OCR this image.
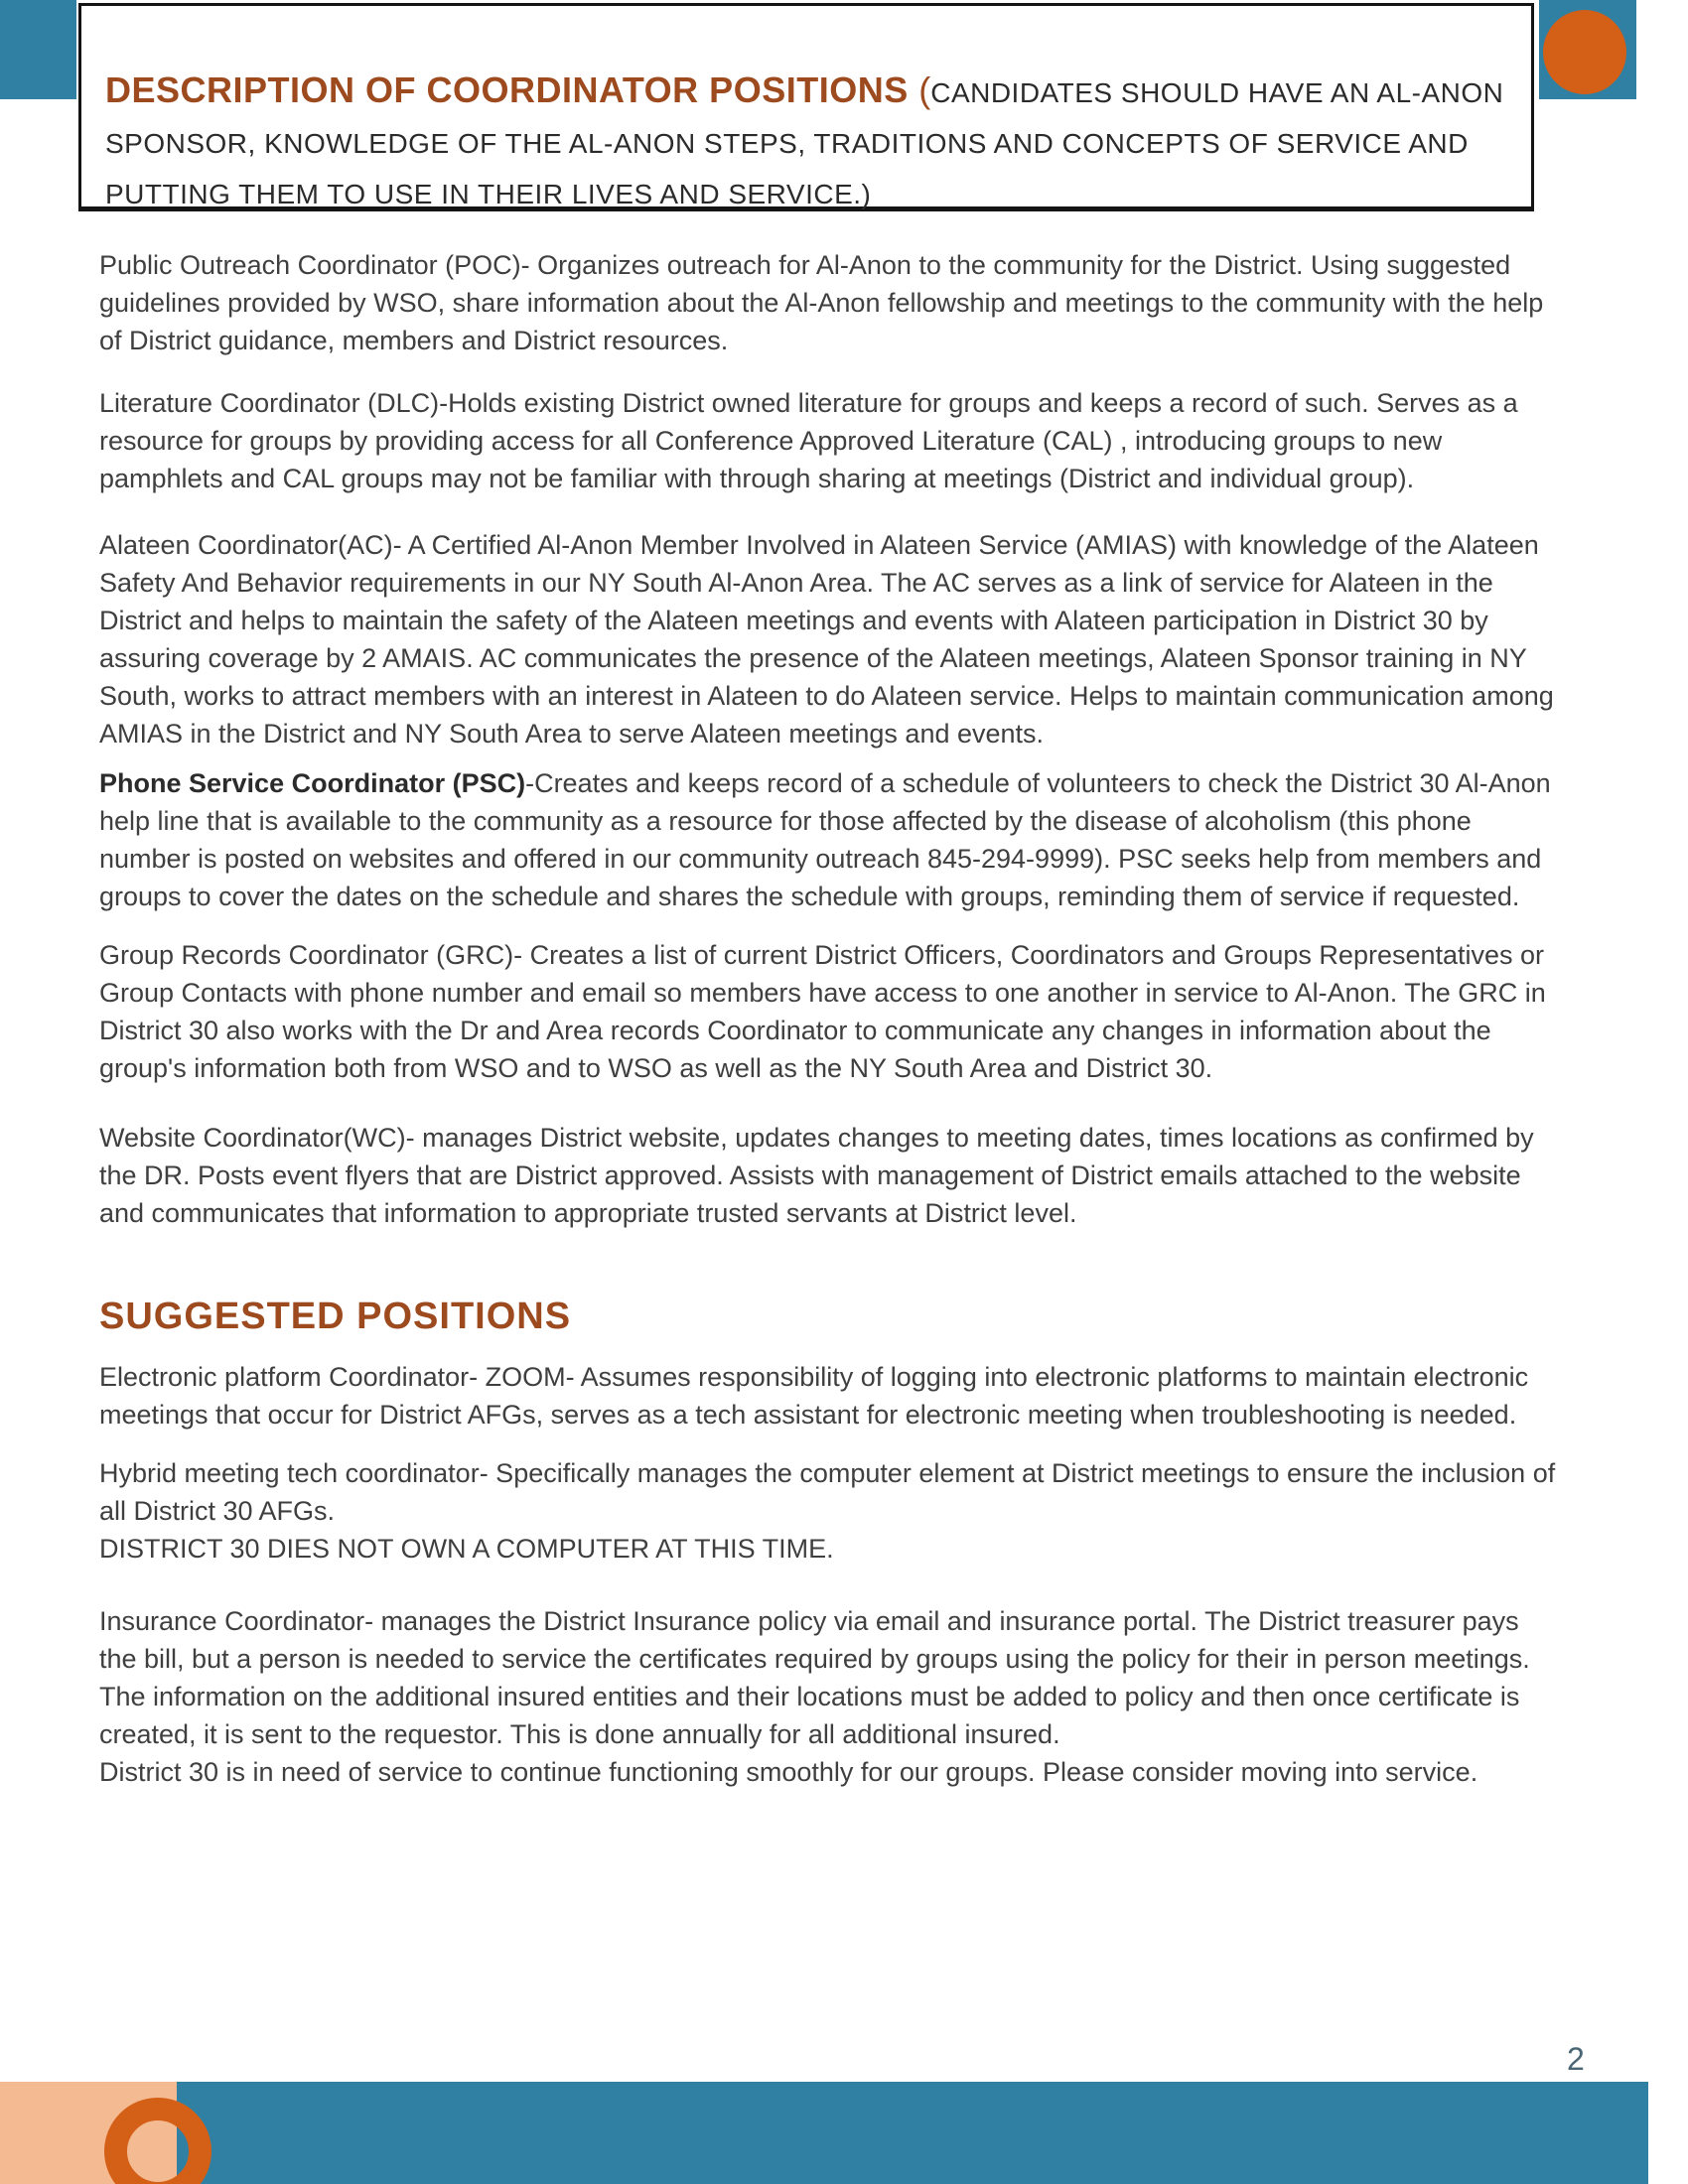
DESCRIPTION OF COORDINATOR POSITIONS (CANDIDATES SHOULD HAVE AN AL-ANON SPONSOR, KNOWLEDGE OF THE AL-ANON STEPS, TRADITIONS AND CONCEPTS OF SERVICE AND PUTTING THEM TO USE IN THEIR LIVES AND SERVICE.)

Public Outreach Coordinator (POC)- Organizes outreach for Al-Anon to the community for the District. Using suggested guidelines provided by WSO, share information about the Al-Anon fellowship and meetings to the community with the help of District guidance, members and District resources.

Literature Coordinator (DLC)-Holds existing District owned literature for groups and keeps a record of such. Serves as a resource for groups by providing access for all Conference Approved Literature (CAL) , introducing groups to new pamphlets and CAL groups may not be familiar with through sharing at meetings (District and individual group).

Alateen Coordinator(AC)- A Certified Al-Anon Member Involved in Alateen Service (AMIAS) with knowledge of the Alateen Safety And Behavior requirements in our NY South Al-Anon Area. The AC serves as a link of service for Alateen in the District and helps to maintain the safety of the Alateen meetings and events with Alateen participation in District 30 by assuring coverage by 2 AMAIS. AC communicates the presence of the Alateen meetings, Alateen Sponsor training in NY South, works to attract members with an interest in Alateen to do Alateen service. Helps to maintain communication among AMIAS in the District and NY South Area to serve Alateen meetings and events.

Phone Service Coordinator (PSC)-Creates and keeps record of a schedule of volunteers to check the District 30 Al-Anon help line that is available to the community as a resource for those affected by the disease of alcoholism (this phone number is posted on websites and offered in our community outreach 845-294-9999). PSC seeks help from members and groups to cover the dates on the schedule and shares the schedule with groups, reminding them of service if requested.

Group Records Coordinator (GRC)- Creates a list of current District Officers, Coordinators and Groups Representatives or Group Contacts with phone number and email so members have access to one another in service to Al-Anon. The GRC in District 30 also works with the Dr and Area records Coordinator to communicate any changes in information about the group's information both from WSO and to WSO as well as the NY South Area and District 30.

Website Coordinator(WC)- manages District website, updates changes to meeting dates, times locations as confirmed by the DR. Posts event flyers that are District approved. Assists with management of District emails attached to the website and communicates that information to appropriate trusted servants at District level.

SUGGESTED POSITIONS

Electronic platform Coordinator- ZOOM- Assumes responsibility of logging into electronic platforms to maintain electronic meetings that occur for District AFGs, serves as a tech assistant for electronic meeting when troubleshooting is needed.

Hybrid meeting tech coordinator- Specifically manages the computer element at District meetings to ensure the inclusion of all District 30 AFGs.

DISTRICT 30 DIES NOT OWN A COMPUTER AT THIS TIME.

Insurance Coordinator- manages the District Insurance policy via email and insurance portal. The District treasurer pays the bill, but a person is needed to service the certificates required by groups using the policy for their in person meetings. The information on the additional insured entities and their locations must be added to policy and then once certificate is created, it is sent to the requestor. This is done annually for all additional insured.

District 30 is in need of service to continue functioning smoothly for our groups. Please consider moving into service.

2
